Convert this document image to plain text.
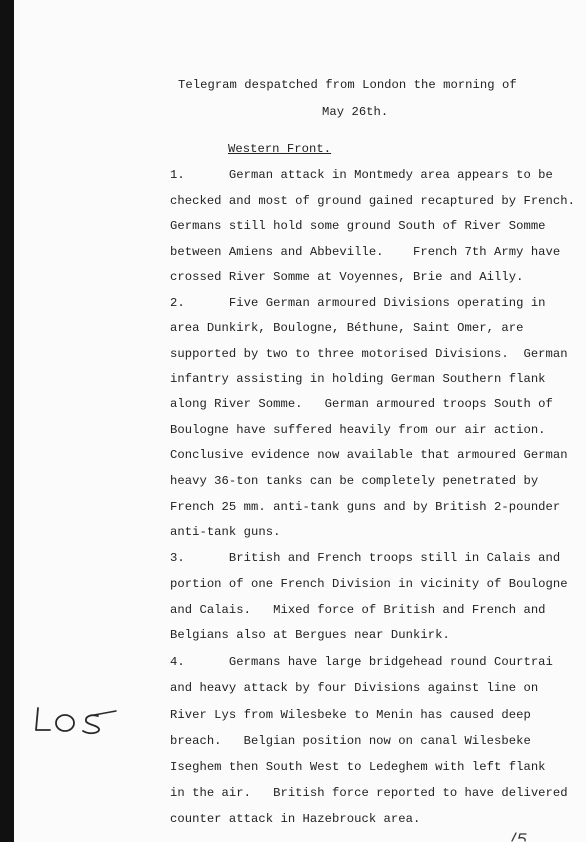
Telegram despatched from London the morning of
May 26th.
Western Front.
1.      German attack in Montmedy area appears to be
checked and most of ground gained recaptured by French.
Germans still hold some ground South of River Somme
between Amiens and Abbeville.    French 7th Army have
crossed River Somme at Voyennes, Brie and Ailly.
2.      Five German armoured Divisions operating in
area Dunkirk, Boulogne, Béthune, Saint Omer, are
supported by two to three motorised Divisions.  German
infantry assisting in holding German Southern flank
along River Somme.   German armoured troops South of
Boulogne have suffered heavily from our air action.
Conclusive evidence now available that armoured German
heavy 36-ton tanks can be completely penetrated by
French 25 mm. anti-tank guns and by British 2-pounder
anti-tank guns.
3.      British and French troops still in Calais and
portion of one French Division in vicinity of Boulogne
and Calais.   Mixed force of British and French and
Belgians also at Bergues near Dunkirk.
4.      Germans have large bridgehead round Courtrai
and heavy attack by four Divisions against line on
River Lys from Wilesbeke to Menin has caused deep
breach.   Belgian position now on canal Wilesbeke
Iseghem then South West to Ledeghem with left flank
in the air.   British force reported to have delivered
counter attack in Hazebrouck area.
